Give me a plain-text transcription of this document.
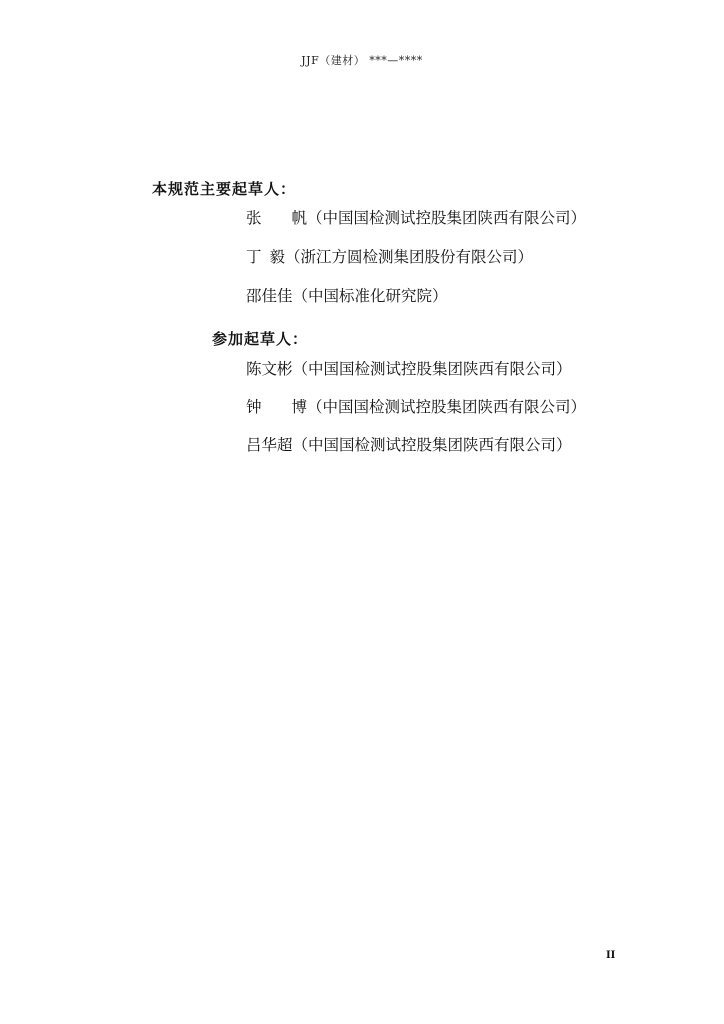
JJF（建材） ***—****
本规范主要起草人：
张 帆（中国国检测试控股集团陕西有限公司）
丁 毅（浙江方圆检测集团股份有限公司）
邵佳佳（中国标准化研究院）
参加起草人：
陈文彬（中国国检测试控股集团陕西有限公司）
钟 博（中国国检测试控股集团陕西有限公司）
吕华超（中国国检测试控股集团陕西有限公司）
II
